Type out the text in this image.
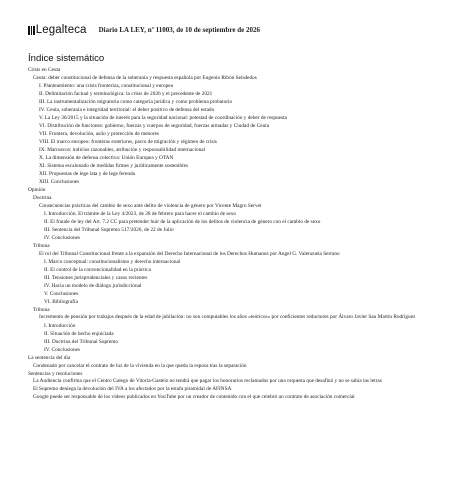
Legalteca Diario LA LEY, nº 11003, de 10 de septiembre de 2026
Índice sistemático
Crisis en Ceuta
Ceuta: deber constitucional de defensa de la soberanía y respuesta española por Eugenio Ribón Seisdedos
I. Planteamiento: una crisis fronteriza, constitucional y europea
II. Delimitación factual y terminológica: la crisis de 2026 y el precedente de 2021
III. La instrumentalización migratoria como categoría jurídica y como problema probatorio
IV. Ceuta, soberanía e integridad territorial: el deber positivo de defensa del estado
V. La Ley 36/2015 y la situación de interés para la seguridad nacional: potestad de coordinación y deber de respuesta
VI. Distribución de funciones: gobierno, fuerzas y cuerpos de seguridad, fuerzas armadas y Ciudad de Ceuta
VII. Frontera, devolución, asilo y protección de menores
VIII. El marco europeo: fronteras exteriores, pacto de migración y régimen de crisis
IX. Marruecos: indicios razonables, atribución y responsabilidad internacional
X. La dimensión de defensa colectiva: Unión Europea y OTAN
XI. Sistema escalonado de medidas firmes y jurídicamente sostenibles
XII. Propuestas de lege lata y de lege ferenda
XIII. Conclusiones
Opinión
Doctrina
Consecuencias prácticas del cambio de sexo ante delito de violencia de género por Vicente Magro Servet
I. Introducción. El trámite de la Ley 4/2023, de 28 de febrero para hacer el cambio de sexo
II. El fraude de ley del Art. 7.2 CC para pretender huir de la aplicación de los delitos de violencia de género con el cambio de sexo
III. Sentencia del Tribunal Supremo 517/2026, de 22 de Julio
IV. Conclusiones
Tribuna
El rol del Tribunal Constitucional frente a la expansión del Derecho Internacional de los Derechos Humanos por Angel G. Valenzuela Serrano
I. Marco conceptual: constitucionalismo y derecho internacional
II. El control de la convencionalidad en la práctica
III. Tensiones jurisprudenciales y casos recientes
IV. Hacia un modelo de diálogo jurisdiccional
V. Conclusiones
VI. Bibliografía
Tribuna
Incremento de pensión por trabajos después de la edad de jubilación: no son computables los años «teóricos» por coeficientes reductores por Álvaro Javier San Martín Rodríguez
I. Introducción
II. Situación de hecho enjuiciada
III. Doctrina del Tribunal Supremo
IV. Conclusiones
La sentencia del día
Condenado por cancelar el contrato de luz de la vivienda en la que queda la esposa tras la separación
Sentencias y resoluciones
La Audiencia confirma que el Centro Galego de Vitoria-Gasteiz no tendrá que pagar los honorarios reclamados por una orquesta que desafinó y no se sabía las letras
El Supremo deniega la devolución del IVA a los afectados por la estafa piramidal de AFINSA
Google puede ser responsable de los vídeos publicados en YouTube por un creador de contenido con el que celebró un contrato de asociación comercial
